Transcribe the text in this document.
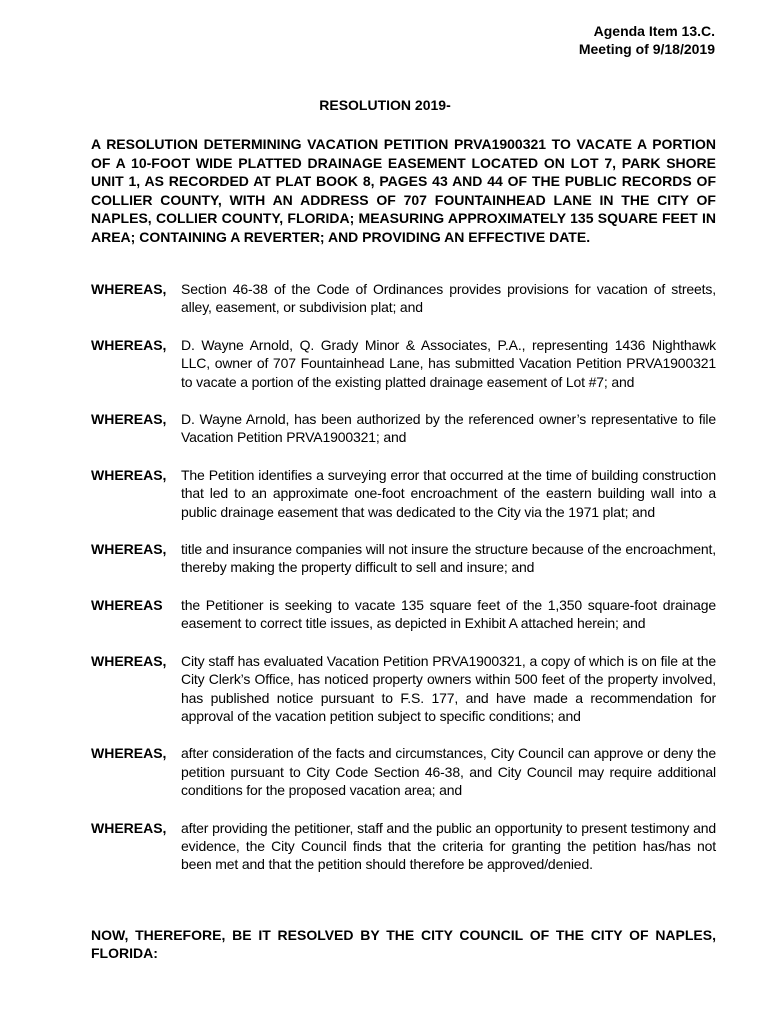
Agenda Item 13.C.
Meeting of 9/18/2019
RESOLUTION 2019-
A RESOLUTION DETERMINING VACATION PETITION PRVA1900321 TO VACATE A PORTION OF A 10-FOOT WIDE PLATTED DRAINAGE EASEMENT LOCATED ON LOT 7, PARK SHORE UNIT 1, AS RECORDED AT PLAT BOOK 8, PAGES 43 AND 44 OF THE PUBLIC RECORDS OF COLLIER COUNTY, WITH AN ADDRESS OF 707 FOUNTAINHEAD LANE IN THE CITY OF NAPLES, COLLIER COUNTY, FLORIDA; MEASURING APPROXIMATELY 135 SQUARE FEET IN AREA; CONTAINING A REVERTER; AND PROVIDING AN EFFECTIVE DATE.
WHEREAS,	Section 46-38 of the Code of Ordinances provides provisions for vacation of streets, alley, easement, or subdivision plat; and
WHEREAS,	D. Wayne Arnold, Q. Grady Minor & Associates, P.A., representing 1436 Nighthawk LLC, owner of 707 Fountainhead Lane, has submitted Vacation Petition PRVA1900321 to vacate a portion of the existing platted drainage easement of Lot #7; and
WHEREAS,	D. Wayne Arnold, has been authorized by the referenced owner’s representative to file Vacation Petition PRVA1900321; and
WHEREAS,	The Petition identifies a surveying error that occurred at the time of building construction that led to an approximate one-foot encroachment of the eastern building wall into a public drainage easement that was dedicated to the City via the 1971 plat; and
WHEREAS,	title and insurance companies will not insure the structure because of the encroachment, thereby making the property difficult to sell and insure; and
WHEREAS	the Petitioner is seeking to vacate 135 square feet of the 1,350 square-foot drainage easement to correct title issues, as depicted in Exhibit A attached herein; and
WHEREAS,	City staff has evaluated Vacation Petition PRVA1900321, a copy of which is on file at the City Clerk’s Office, has noticed property owners within 500 feet of the property involved, has published notice pursuant to F.S. 177, and have made a recommendation for approval of the vacation petition subject to specific conditions; and
WHEREAS,	after consideration of the facts and circumstances, City Council can approve or deny the petition pursuant to City Code Section 46-38, and City Council may require additional conditions for the proposed vacation area; and
WHEREAS,	after providing the petitioner, staff and the public an opportunity to present testimony and evidence, the City Council finds that the criteria for granting the petition has/has not been met and that the petition should therefore be approved/denied.
NOW, THEREFORE, BE IT RESOLVED BY THE CITY COUNCIL OF THE CITY OF NAPLES, FLORIDA:
